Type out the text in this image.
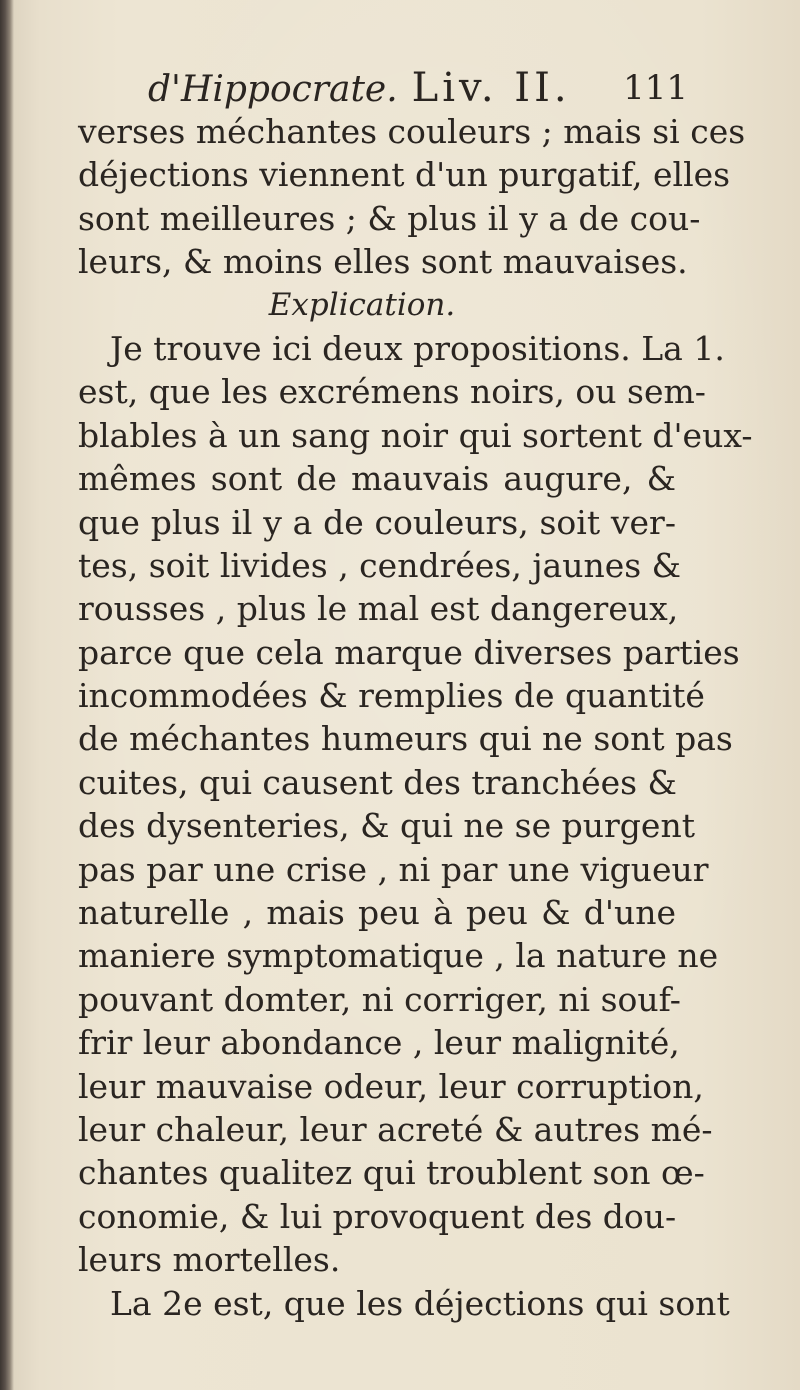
d'Hippocrate. Liv. II. 111
verses méchantes couleurs ; mais si ces
déjections viennent d'un purgatif, elles
sont meilleures ; & plus il y a de cou-
leurs, & moins elles sont mauvaises.
Explication.
Je trouve ici deux propositions. La 1.
est, que les excrémens noirs, ou sem-
blables à un sang noir qui sortent d'eux-
mêmes sont de mauvais augure, &
que plus il y a de couleurs, soit ver-
tes, soit livides , cendrées, jaunes &
rousses , plus le mal est dangereux,
parce que cela marque diverses parties
incommodées & remplies de quantité
de méchantes humeurs qui ne sont pas
cuites, qui causent des tranchées &
des dysenteries, & qui ne se purgent
pas par une crise , ni par une vigueur
naturelle , mais peu à peu & d'une
maniere symptomatique , la nature ne
pouvant domter, ni corriger, ni souf-
frir leur abondance , leur malignité,
leur mauvaise odeur, leur corruption,
leur chaleur, leur acreté & autres mé-
chantes qualitez qui troublent son œ-
conomie, & lui provoquent des dou-
leurs mortelles.
La 2e est, que les déjections qui sont
